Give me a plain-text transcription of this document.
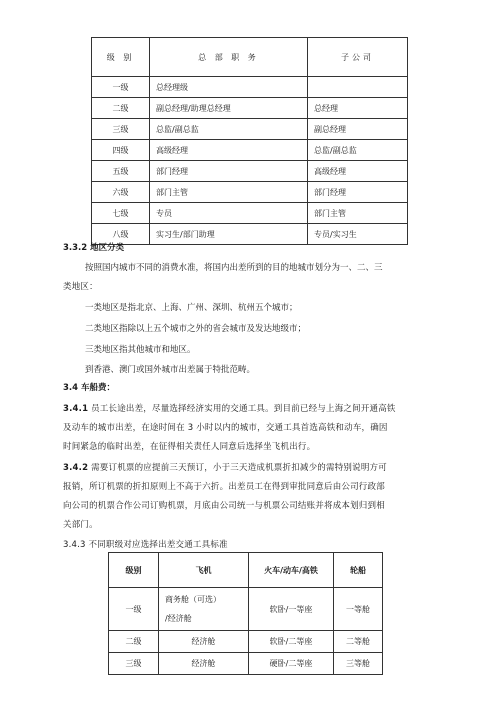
级 别	总 部 职 务	子公司
一级	总经理级	
二级	副总经理/助理总经理	总经理
三级	总监/副总监	副总经理
四级	高级经理	总监/副总监
五级	部门经理	高级经理
六级	部门主管	部门经理
七级	专员	部门主管
八级	实习生/部门助理	专员/实习生
3.3.2 地区分类
按照国内城市不同的消费水准，将国内出差所到的目的地城市划分为一、二、三
类地区：
一类地区是指北京、上海、广州、深圳、杭州五个城市；
二类地区指除以上五个城市之外的省会城市及发达地级市；
三类地区指其他城市和地区。
到香港、澳门或国外城市出差属于特批范畴。
3.4 车船费：
3.4.1 员工长途出差，尽量选择经济实用的交通工具。到目前已经与上海之间开通高铁
及动车的城市出差，在途时间在 3 小时以内的城市，交通工具首选高铁和动车，确因
时间紧急的临时出差，在征得相关责任人同意后选择坐飞机出行。
3.4.2 需要订机票的应提前三天预订，小于三天造成机票折扣减少的需特别说明方可
报销，所订机票的折扣原则上不高于六折。出差员工在得到审批同意后由公司行政部
向公司的机票合作公司订购机票，月底由公司统一与机票公司结账并将成本划归到相
关部门。
3.4.3 不同职级对应选择出差交通工具标准
级别	飞机	火车/动车/高铁	轮船
一级	商务舱（可选）
/经济舱	软卧/一等座	一等舱
二级	经济舱	软卧/二等座	二等舱
三级	经济舱	硬卧/二等座	三等舱
